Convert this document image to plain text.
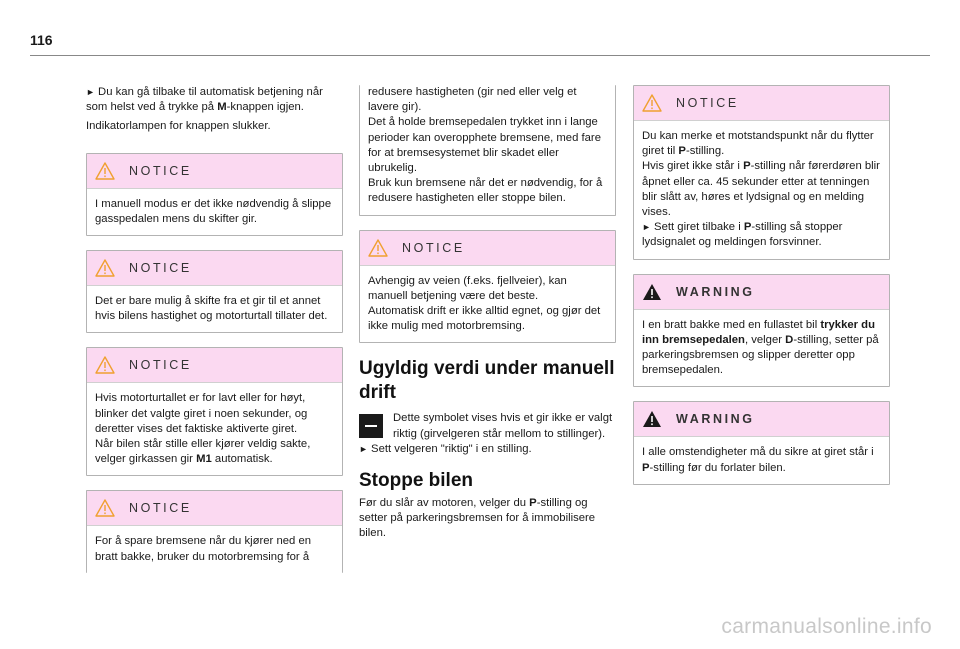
116

► Du kan gå tilbake til automatisk betjening når som helst ved å trykke på M-knappen igjen.

Indikatorlampen for knappen slukker.

NOTICE

I manuell modus er det ikke nødvendig å slippe gasspedalen mens du skifter gir.

NOTICE

Det er bare mulig å skifte fra et gir til et annet hvis bilens hastighet og motorturtall tillater det.

NOTICE

Hvis motorturtallet er for lavt eller for høyt, blinker det valgte giret i noen sekunder, og deretter vises det faktiske aktiverte giret.

Når bilen står stille eller kjører veldig sakte, velger girkassen gir M1 automatisk.

NOTICE

For å spare bremsene når du kjører ned en bratt bakke, bruker du motorbremsing for å

redusere hastigheten (gir ned eller velg et lavere gir).

Det å holde bremsepedalen trykket inn i lange perioder kan overopphete bremsene, med fare for at bremsesystemet blir skadet eller ubrukelig.

Bruk kun bremsene når det er nødvendig, for å redusere hastigheten eller stoppe bilen.

NOTICE

Avhengig av veien (f.eks. fjellveier), kan manuell betjening være det beste.

Automatisk drift er ikke alltid egnet, og gjør det ikke mulig med motorbremsing.

Ugyldig verdi under manuell drift

Dette symbolet vises hvis et gir ikke er valgt riktig (girvelgeren står mellom to stillinger).

► Sett velgeren "riktig" i en stilling.

Stoppe bilen

Før du slår av motoren, velger du P-stilling og setter på parkeringsbremsen for å immobilisere bilen.

NOTICE

Du kan merke et motstandspunkt når du flytter giret til P-stilling.

Hvis giret ikke står i P-stilling når førerdøren blir åpnet eller ca. 45 sekunder etter at tenningen blir slått av, høres et lydsignal og en melding vises.

► Sett giret tilbake i P-stilling så stopper lydsignalet og meldingen forsvinner.

WARNING

I en bratt bakke med en fullastet bil trykker du inn bremsepedalen, velger D-stilling, setter på parkeringsbremsen og slipper deretter opp bremsepedalen.

WARNING

I alle omstendigheter må du sikre at giret står i P-stilling før du forlater bilen.

carmanualsonline.info
